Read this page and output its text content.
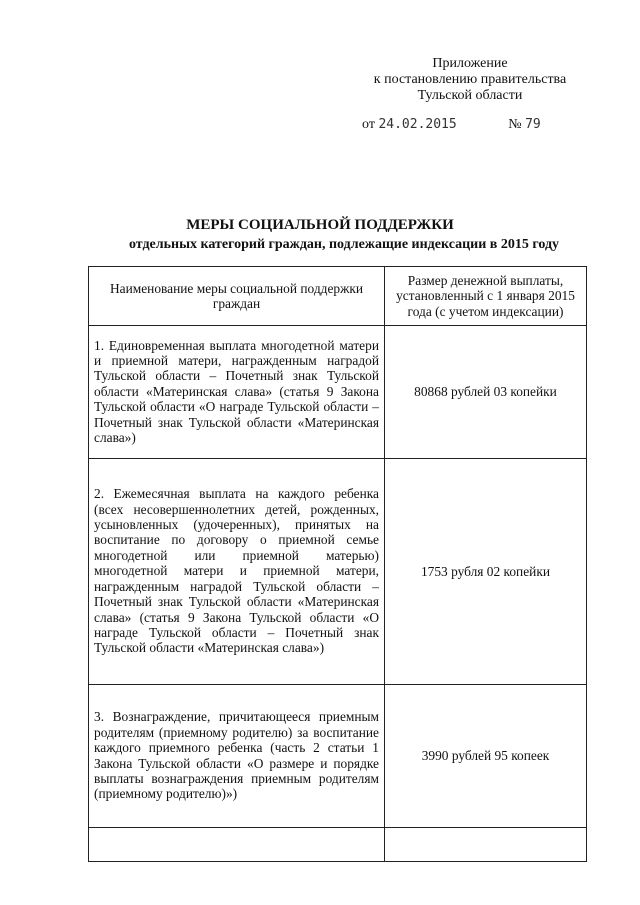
Приложение
к постановлению правительства
Тульской области
от 24.02.2015	№ 79
МЕРЫ СОЦИАЛЬНОЙ ПОДДЕРЖКИ
отдельных категорий граждан, подлежащие индексации в 2015 году
Наименование меры социальной поддержки граждан	Размер денежной выплаты, установленный с 1 января 2015 года (с учетом индексации)
1. Единовременная выплата многодетной матери и приемной матери, награжденным наградой Тульской области – Почетный знак Тульской области «Материнская слава» (статья 9 Закона Тульской области «О награде Тульской области – Почетный знак Тульской области «Материнская слава»)	80868 рублей 03 копейки
2. Ежемесячная выплата на каждого ребенка (всех несовершеннолетних детей, рожденных, усыновленных (удочеренных), принятых на воспитание по договору о приемной семье многодетной или приемной матерью) многодетной матери и приемной матери, награжденным наградой Тульской области – Почетный знак Тульской области «Материнская слава» (статья 9 Закона Тульской области «О награде Тульской области – Почетный знак Тульской области «Материнская слава»)	1753 рубля 02 копейки
3. Вознаграждение, причитающееся приемным родителям (приемному родителю) за воспитание каждого приемного ребенка (часть 2 статьи 1 Закона Тульской области «О размере и порядке выплаты вознаграждения приемным родителям (приемному родителю)»)	3990 рублей 95 копеек
